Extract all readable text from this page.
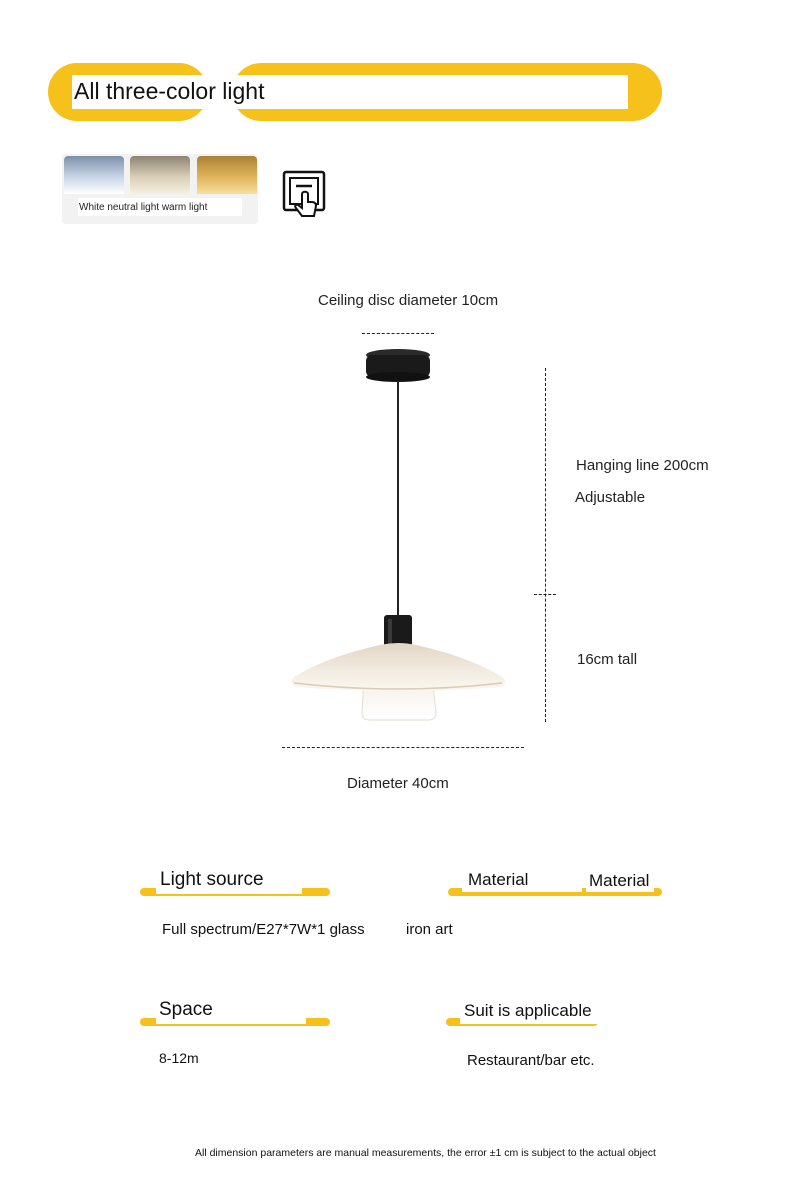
All three-color light
White neutral light warm light
Ceiling disc diameter 10cm
Hanging line 200cm
Adjustable
16cm tall
Diameter 40cm
Light source
Full spectrum/E27*7W*1 glass
Material	Material
iron art
Space
8-12m
Suit is applicable
Restaurant/bar etc.
All dimension parameters are manual measurements, the error ±1 cm is subject to the actual object
